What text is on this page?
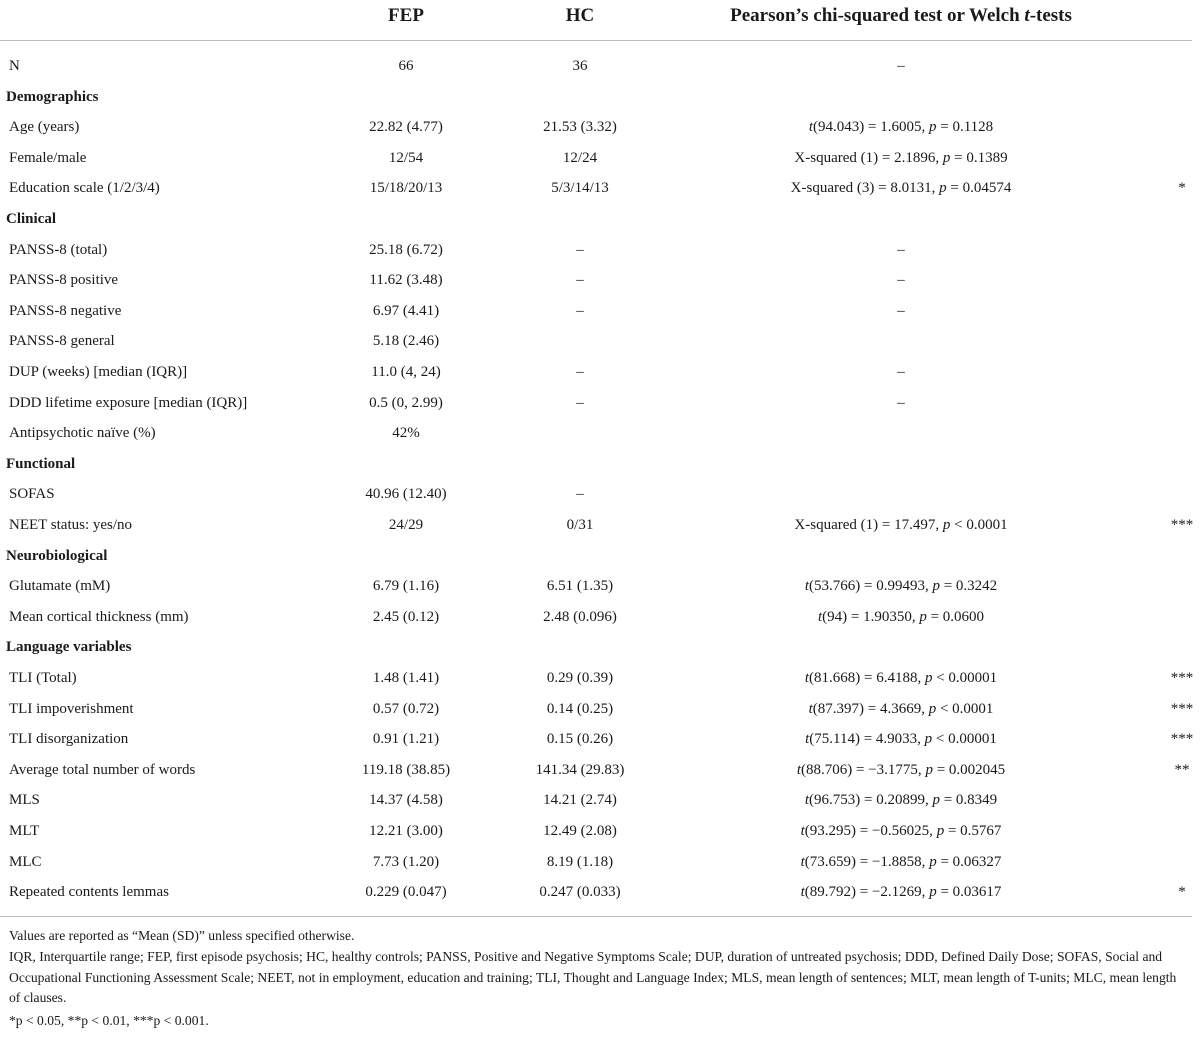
FEP	HC	Pearson’s chi-squared test or Welch t-tests
N	66	36	–
Demographics
Age (years)	22.82 (4.77)	21.53 (3.32)	t(94.043) = 1.6005, p = 0.1128
Female/male	12/54	12/24	X-squared (1) = 2.1896, p = 0.1389
Education scale (1/2/3/4)	15/18/20/13	5/3/14/13	X-squared (3) = 8.0131, p = 0.04574	*
Clinical
PANSS-8 (total)	25.18 (6.72)	–	–
PANSS-8 positive	11.62 (3.48)	–	–
PANSS-8 negative	6.97 (4.41)	–	–
PANSS-8 general	5.18 (2.46)
DUP (weeks) [median (IQR)]	11.0 (4, 24)	–	–
DDD lifetime exposure [median (IQR)]	0.5 (0, 2.99)	–	–
Antipsychotic naïve (%)	42%
Functional
SOFAS	40.96 (12.40)	–
NEET status: yes/no	24/29	0/31	X-squared (1) = 17.497, p < 0.0001	***
Neurobiological
Glutamate (mM)	6.79 (1.16)	6.51 (1.35)	t(53.766) = 0.99493, p = 0.3242
Mean cortical thickness (mm)	2.45 (0.12)	2.48 (0.096)	t(94) = 1.90350, p = 0.0600
Language variables
TLI (Total)	1.48 (1.41)	0.29 (0.39)	t(81.668) = 6.4188, p < 0.00001	***
TLI impoverishment	0.57 (0.72)	0.14 (0.25)	t(87.397) = 4.3669, p < 0.0001	***
TLI disorganization	0.91 (1.21)	0.15 (0.26)	t(75.114) = 4.9033, p < 0.00001	***
Average total number of words	119.18 (38.85)	141.34 (29.83)	t(88.706) = −3.1775, p = 0.002045	**
MLS	14.37 (4.58)	14.21 (2.74)	t(96.753) = 0.20899, p = 0.8349
MLT	12.21 (3.00)	12.49 (2.08)	t(93.295) = −0.56025, p = 0.5767
MLC	7.73 (1.20)	8.19 (1.18)	t(73.659) = −1.8858, p = 0.06327
Repeated contents lemmas	0.229 (0.047)	0.247 (0.033)	t(89.792) = −2.1269, p = 0.03617	*
Values are reported as “Mean (SD)” unless specified otherwise.
IQR, Interquartile range; FEP, first episode psychosis; HC, healthy controls; PANSS, Positive and Negative Symptoms Scale; DUP, duration of untreated psychosis; DDD, Defined Daily Dose; SOFAS, Social and Occupational Functioning Assessment Scale; NEET, not in employment, education and training; TLI, Thought and Language Index; MLS, mean length of sentences; MLT, mean length of T-units; MLC, mean length of clauses.
*p < 0.05, **p < 0.01, ***p < 0.001.
